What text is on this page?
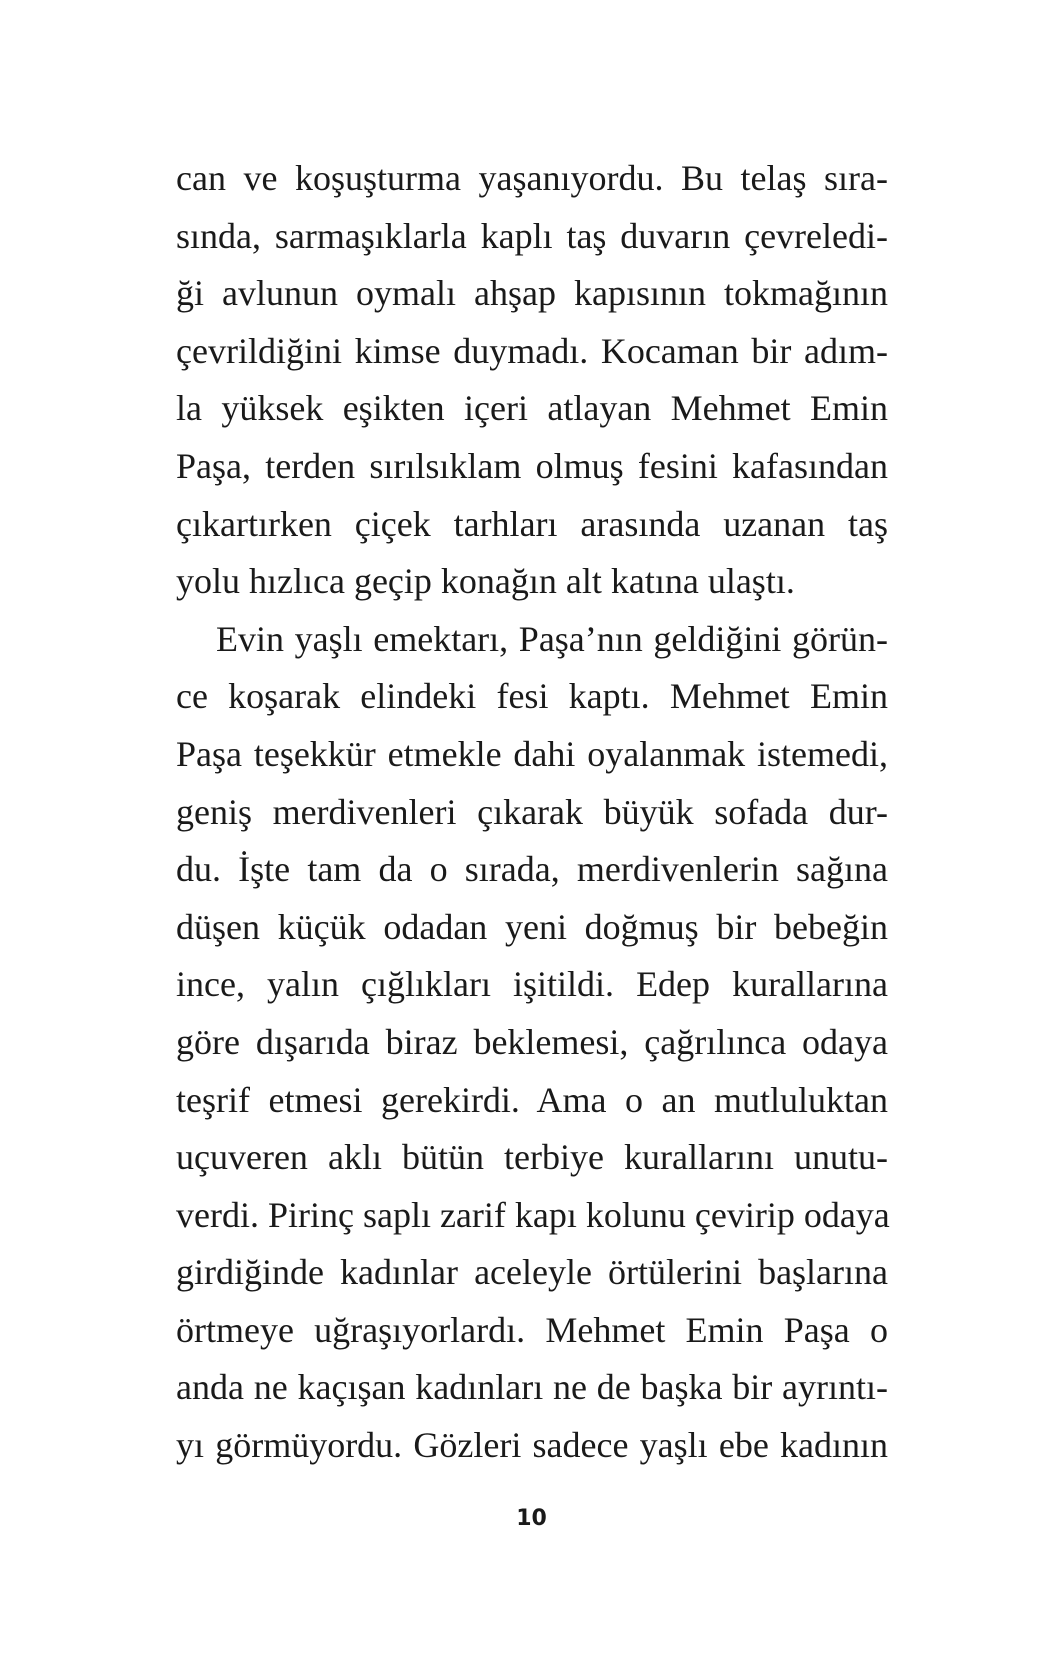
can ve koşuşturma yaşanıyordu. Bu telaş sıra-
sında, sarmaşıklarla kaplı taş duvarın çevreledi-
ği avlunun oymalı ahşap kapısının tokmağının
çevrildiğini kimse duymadı. Kocaman bir adım-
la yüksek eşikten içeri atlayan Mehmet Emin
Paşa, terden sırılsıklam olmuş fesini kafasından
çıkartırken çiçek tarhları arasında uzanan taş
yolu hızlıca geçip konağın alt katına ulaştı.
Evin yaşlı emektarı, Paşa’nın geldiğini görün-
ce koşarak elindeki fesi kaptı. Mehmet Emin
Paşa teşekkür etmekle dahi oyalanmak istemedi,
geniş merdivenleri çıkarak büyük sofada dur-
du. İşte tam da o sırada, merdivenlerin sağına
düşen küçük odadan yeni doğmuş bir bebeğin
ince, yalın çığlıkları işitildi. Edep kurallarına
göre dışarıda biraz beklemesi, çağrılınca odaya
teşrif etmesi gerekirdi. Ama o an mutluluktan
uçuveren aklı bütün terbiye kurallarını unutu-
verdi. Pirinç saplı zarif kapı kolunu çevirip odaya
girdiğinde kadınlar aceleyle örtülerini başlarına
örtmeye uğraşıyorlardı. Mehmet Emin Paşa o
anda ne kaçışan kadınları ne de başka bir ayrıntı-
yı görmüyordu. Gözleri sadece yaşlı ebe kadının
10
